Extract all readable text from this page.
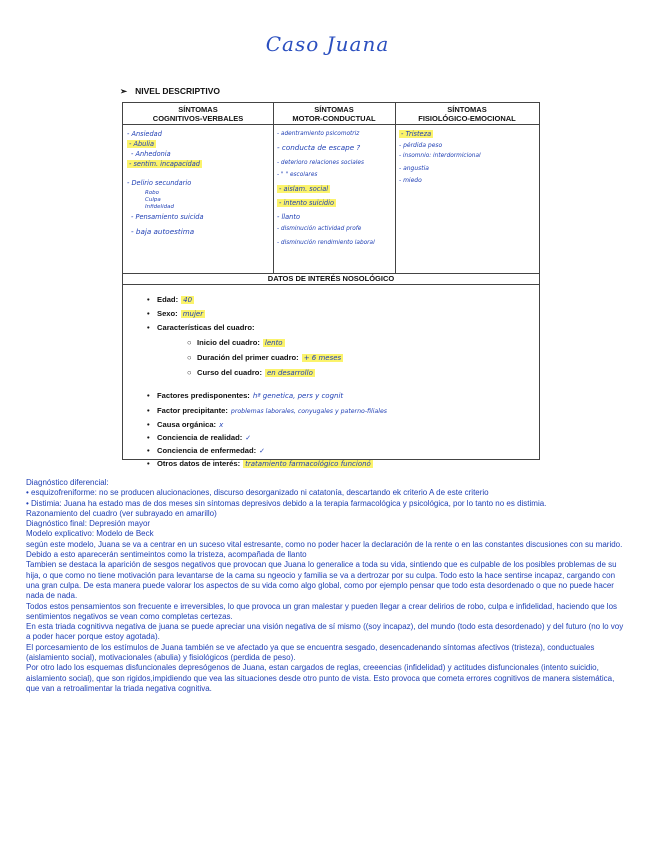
Caso Juana
➢ NIVEL DESCRIPTIVO
SÍNTOMAS
COGNITIVOS-VERBALES
SÍNTOMAS
MOTOR-CONDUCTUAL
SÍNTOMAS
FISIOLÓGICO-EMOCIONAL
- Ansiedad
- Abulia
- Anhedonia
- sentim. incapacidad
- Delirio secundario
Robo
Culpa
Infidelidad
- Pensamiento suicida
- baja autoestima
- adentramiento psicomotriz
- conducta de escape ?
- deterioro relaciones sociales
- " " escolares
- aislam. social
- intento suicidio
- llanto
- disminución actividad profe
- disminución rendimiento laboral
- Tristeza
- pérdida peso
- insomnio: interdormicional
- angustia
- miedo
DATOS DE INTERÉS NOSOLÓGICO
• Edad: 40
• Sexo: mujer
• Características del cuadro:
○ Inicio del cuadro: lento
○ Duración del primer cuadro: + 6 meses
○ Curso del cuadro: en desarrollo
• Factores predisponentes: hª genetica, pers y cognit
• Factor precipitante: problemas laborales, conyugales y paterno-filiales
• Causa orgánica: x
• Conciencia de realidad: ✓
• Conciencia de enfermedad: ✓
• Otros datos de interés: tratamiento farmacológico funcionó

Diagnóstico diferencial:

• esquizofreniforme: no se producen alucionaciones, discurso desorganizado ni catatonía, descartando ek criterio A de este criterio

• Distimia: Juana ha estado mas de dos meses sin síntomas depresivos debido a la terapia farmacológica y psicológica, por lo tanto no es distimia.

Razonamiento del cuadro (ver subrayado en amarillo)

Diagnóstico final: Depresión mayor

Modelo explicativo: Modelo de Beck

según este modelo, Juana se va a centrar en un suceso vital estresante, como no poder hacer la declaración de la rente o en las constantes discusiones con su marido. Debido a esto aparecerán sentimeintos como la tristeza, acompañada de llanto

Tambien se destaca la aparición de sesgos negativos que provocan que Juana lo generalice a toda su vida, sintiendo que es culpable de los posibles problemas de su hija, o que como no tiene motivación para levantarse de la cama su ngeocio y familia se va a dertrozar por su culpa. Todo esto la hace sentirse incapaz, cargando con una gran culpa. De esta manera puede valorar los aspectos de su vida como algo global, como por ejemplo pensar que todo esta desordenado o que no puede hacer nada de nada.

Todos estos pensamientos son frecuente e irreversibles, lo que provoca un gran malestar y pueden llegar a crear delirios de robo, culpa e infidelidad, haciendo que los sentimientos negativos se vean como completas certezas.

En esta triada cognitivva negativa de juana se puede apreciar una visión negativa de sí mismo ((soy incapaz), del mundo (todo esta desordenado) y del futuro (no lo voy a poder hacer porque estoy agotada).

El porcesamiento de los estímulos de Juana también se ve afectado ya que se encuentra sesgado, desencadenando síntomas afectivos (tristeza), conductuales (aislamiento social), motivacionales (abulia) y fisiológicos (perdida de peso).

Por otro lado los esquemas disfuncionales depresógenos de Juana, estan cargados de reglas, creeencias (infidelidad) y actitudes disfuncionales (intento suicidio, aislamiento social), que son rigidos,impidiendo que vea las situaciones desde otro punto de vista. Esto provoca que cometa errores cognitivos de manera sistemática, que van a retroalimentar la triada negativa cognitiva.
